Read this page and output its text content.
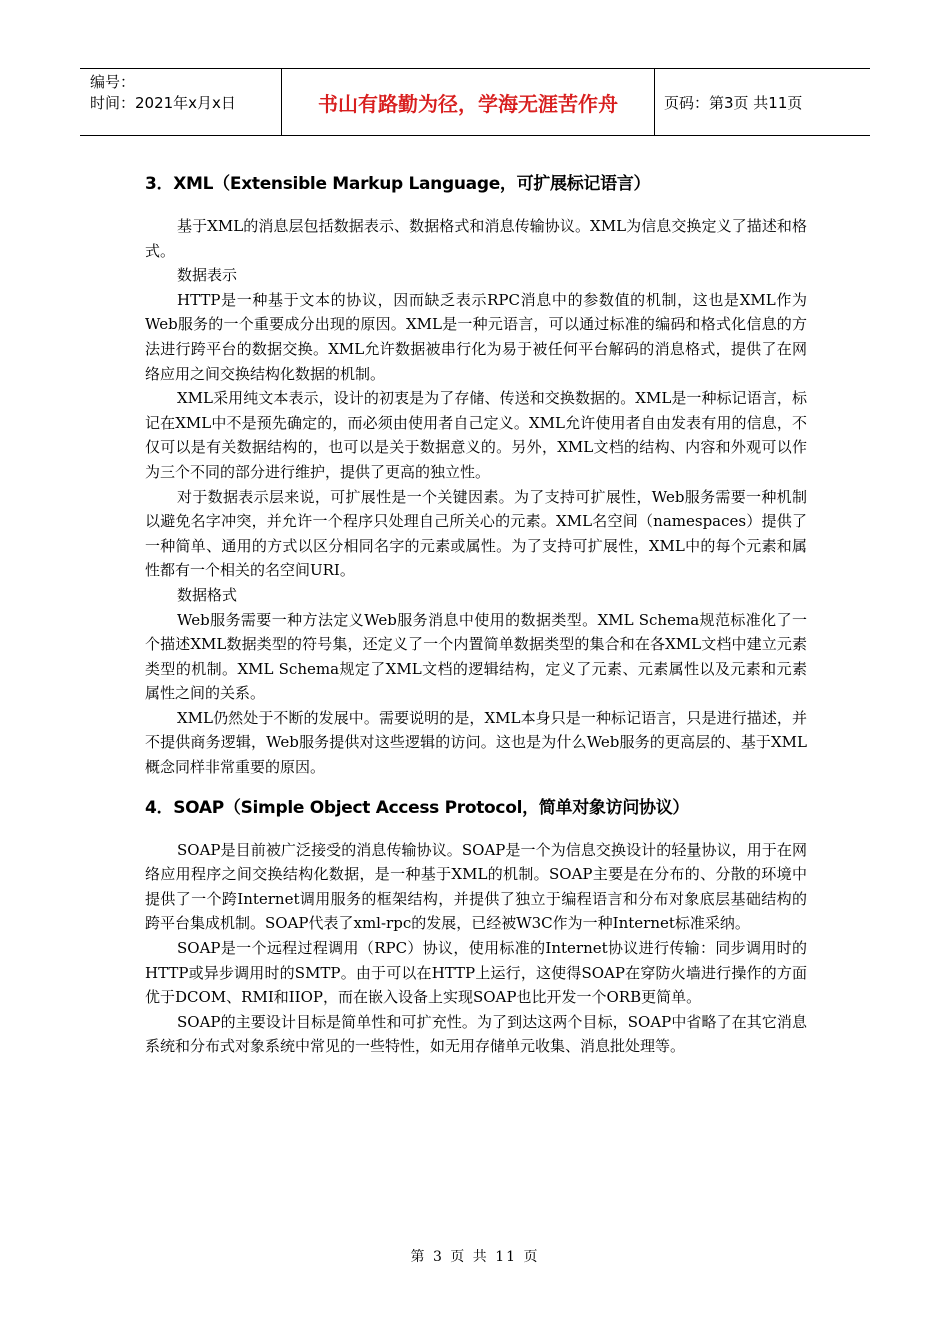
编号：
时间：2021年x月x日	书山有路勤为径，学海无涯苦作舟	页码：第3页 共11页
3．XML（Extensible Markup Language，可扩展标记语言）

基于XML的消息层包括数据表示、数据格式和消息传输协议。XML为信息交换定义了描述和格式。

数据表示

HTTP是一种基于文本的协议，因而缺乏表示RPC消息中的参数值的机制，这也是XML作为Web服务的一个重要成分出现的原因。XML是一种元语言，可以通过标准的编码和格式化信息的方法进行跨平台的数据交换。XML允许数据被串行化为易于被任何平台解码的消息格式，提供了在网络应用之间交换结构化数据的机制。

XML采用纯文本表示，设计的初衷是为了存储、传送和交换数据的。XML是一种标记语言，标记在XML中不是预先确定的，而必须由使用者自己定义。XML允许使用者自由发表有用的信息，不仅可以是有关数据结构的，也可以是关于数据意义的。另外，XML文档的结构、内容和外观可以作为三个不同的部分进行维护，提供了更高的独立性。

对于数据表示层来说，可扩展性是一个关键因素。为了支持可扩展性，Web服务需要一种机制以避免名字冲突，并允许一个程序只处理自己所关心的元素。XML名空间（namespaces）提供了一种简单、通用的方式以区分相同名字的元素或属性。为了支持可扩展性，XML中的每个元素和属性都有一个相关的名空间URI。

数据格式

Web服务需要一种方法定义Web服务消息中使用的数据类型。XML Schema规范标准化了一个描述XML数据类型的符号集，还定义了一个内置简单数据类型的集合和在各XML文档中建立元素类型的机制。XML Schema规定了XML文档的逻辑结构，定义了元素、元素属性以及元素和元素属性之间的关系。

XML仍然处于不断的发展中。需要说明的是，XML本身只是一种标记语言，只是进行描述，并不提供商务逻辑，Web服务提供对这些逻辑的访问。这也是为什么Web服务的更高层的、基于XML概念同样非常重要的原因。

4．SOAP（Simple Object Access Protocol，简单对象访问协议）

SOAP是目前被广泛接受的消息传输协议。SOAP是一个为信息交换设计的轻量协议，用于在网络应用程序之间交换结构化数据，是一种基于XML的机制。SOAP主要是在分布的、分散的环境中提供了一个跨Internet调用服务的框架结构，并提供了独立于编程语言和分布对象底层基础结构的跨平台集成机制。SOAP代表了xml-rpc的发展，已经被W3C作为一种Internet标准采纳。

SOAP是一个远程过程调用（RPC）协议，使用标准的Internet协议进行传输：同步调用时的HTTP或异步调用时的SMTP。由于可以在HTTP上运行，这使得SOAP在穿防火墙进行操作的方面优于DCOM、RMI和IIOP，而在嵌入设备上实现SOAP也比开发一个ORB更简单。

SOAP的主要设计目标是简单性和可扩充性。为了到达这两个目标，SOAP中省略了在其它消息系统和分布式对象系统中常见的一些特性，如无用存储单元收集、消息批处理等。

第 3 页 共 11 页
